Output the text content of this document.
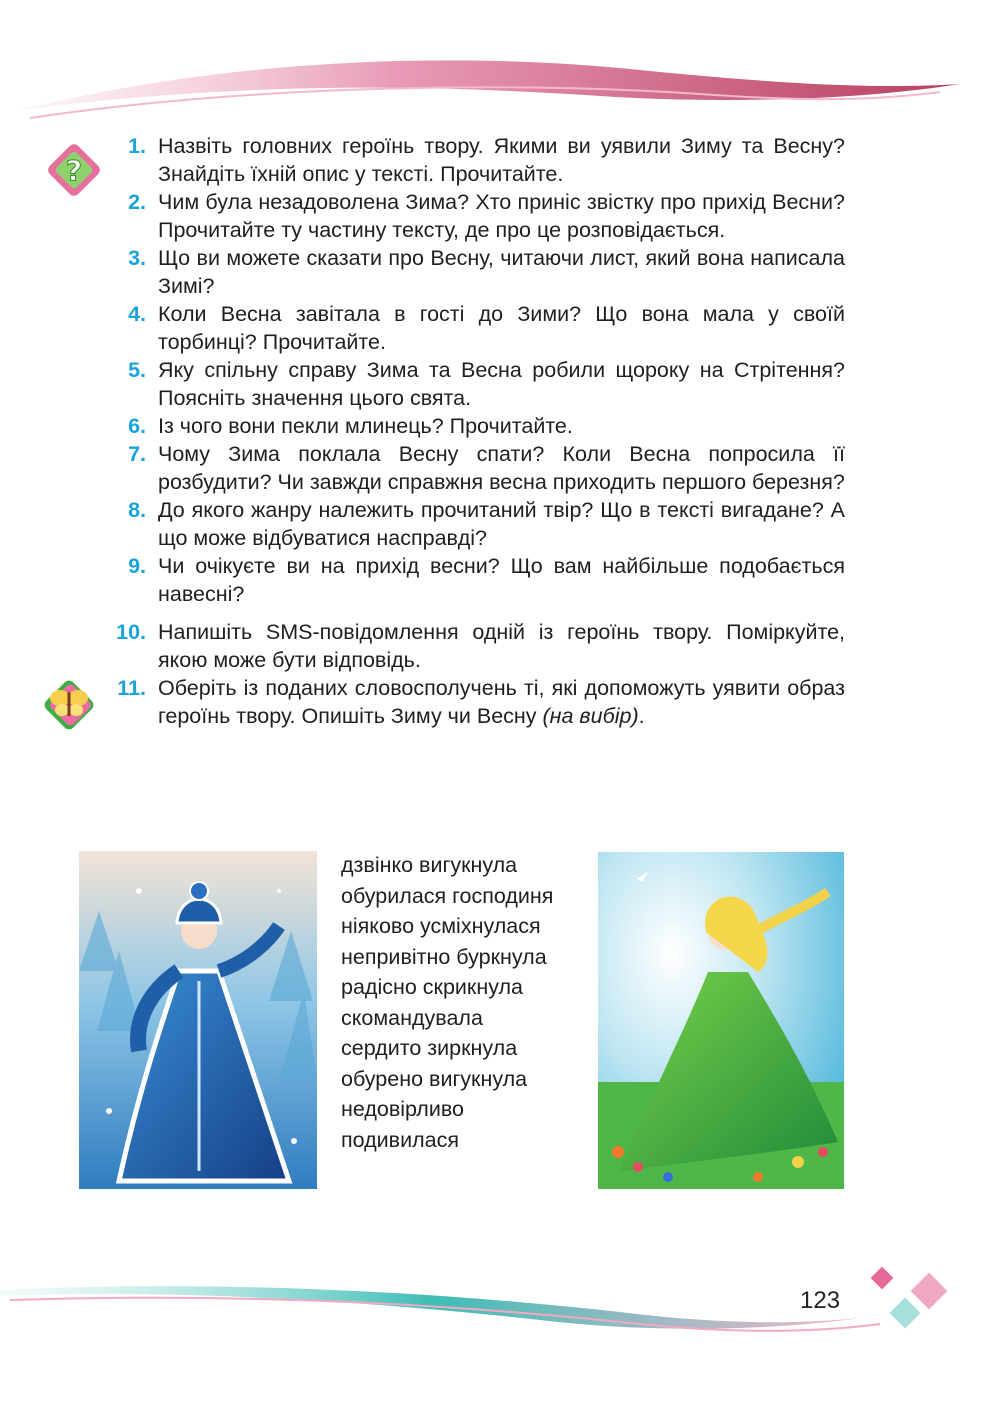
?
1. Назвіть головних героїнь твору. Якими ви уявили Зиму та Весну? Знайдіть їхній опис у тексті. Прочитайте.
2. Чим була незадоволена Зима? Хто приніс звістку про прихід Весни? Прочитайте ту частину тексту, де про це розповідається.
3. Що ви можете сказати про Весну, читаючи лист, який вона написала Зимі?
4. Коли Весна завітала в гості до Зими? Що вона мала у своїй торбинці? Прочитайте.
5. Яку спільну справу Зима та Весна робили щороку на Стрітення? Поясніть значення цього свята.
6. Із чого вони пекли млинець? Прочитайте.
7. Чому Зима поклала Весну спати? Коли Весна попросила її розбудити? Чи завжди справжня весна приходить першого березня?
8. До якого жанру належить прочитаний твір? Що в тексті вигадане? А що може відбуватися насправді?
9. Чи очікуєте ви на прихід весни? Що вам найбільше подобається навесні?
10. Напишіть SMS-повідомлення одній із героїнь твору. Поміркуйте, якою може бути відповідь.
11. Оберіть із поданих словосполучень ті, які допоможуть уявити образ героїнь твору. Опишіть Зиму чи Весну (на вибір).
дзвінко вигукнула
обурилася господиня
ніяково усміхнулася
непривітно буркнула
радісно скрикнула
скомандувала
сердито зиркнула
обурено вигукнула
недовірливо
подивилася
123
